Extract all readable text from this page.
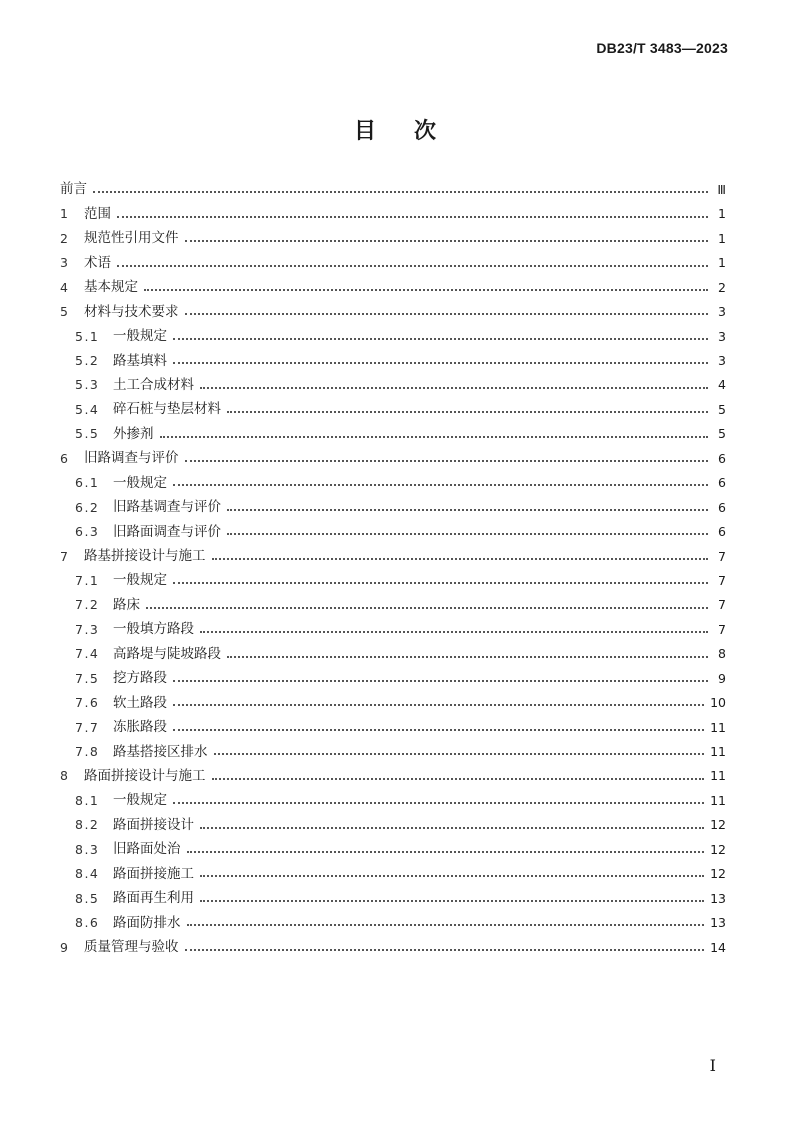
DB23/T 3483—2023
目 次
前言	Ⅲ
1	范围	1
2	规范性引用文件	1
3	术语	1
4	基本规定	2
5	材料与技术要求	3
5.1	一般规定	3
5.2	路基填料	3
5.3	土工合成材料	4
5.4	碎石桩与垫层材料	5
5.5	外掺剂	5
6	旧路调查与评价	6
6.1	一般规定	6
6.2	旧路基调查与评价	6
6.3	旧路面调查与评价	6
7	路基拼接设计与施工	7
7.1	一般规定	7
7.2	路床	7
7.3	一般填方路段	7
7.4	高路堤与陡坡路段	8
7.5	挖方路段	9
7.6	软土路段	10
7.7	冻胀路段	11
7.8	路基搭接区排水	11
8	路面拼接设计与施工	11
8.1	一般规定	11
8.2	路面拼接设计	12
8.3	旧路面处治	12
8.4	路面拼接施工	12
8.5	路面再生利用	13
8.6	路面防排水	13
9	质量管理与验收	14
I
